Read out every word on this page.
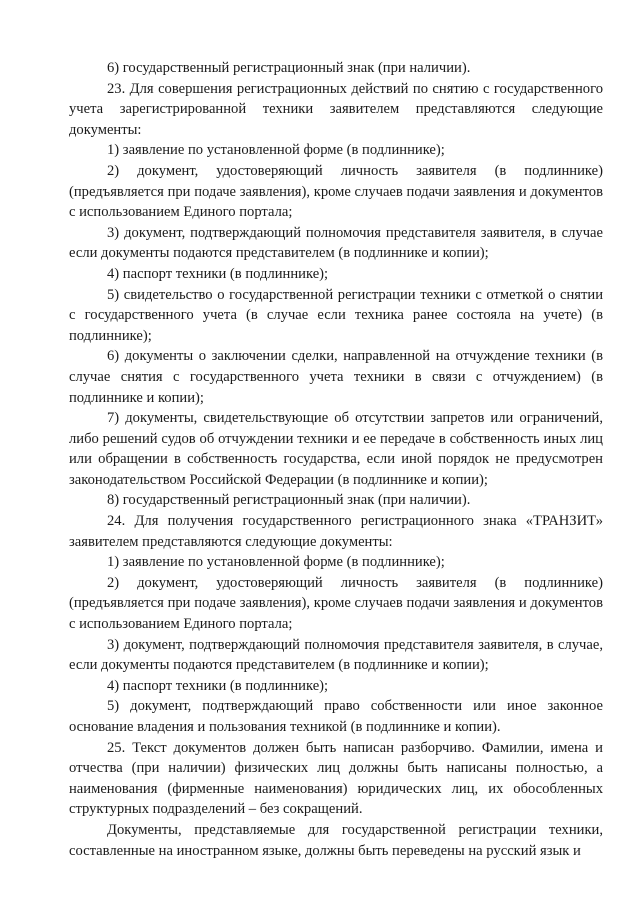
6) государственный регистрационный знак (при наличии).

23. Для совершения регистрационных действий по снятию с государственного учета зарегистрированной техники заявителем представляются следующие документы:

1) заявление по установленной форме (в подлиннике);

2) документ, удостоверяющий личность заявителя (в подлиннике) (предъявляется при подаче заявления), кроме случаев подачи заявления и документов с использованием Единого портала;

3) документ, подтверждающий полномочия представителя заявителя, в случае если документы подаются представителем (в подлиннике и копии);

4) паспорт техники (в подлиннике);

5) свидетельство о государственной регистрации техники с отметкой о снятии с государственного учета (в случае если техника ранее состояла на учете) (в подлиннике);

6) документы о заключении сделки, направленной на отчуждение техники (в случае снятия с государственного учета техники в связи с отчуждением) (в подлиннике и копии);

7) документы, свидетельствующие об отсутствии запретов или ограничений, либо решений судов об отчуждении техники и ее передаче в собственность иных лиц или обращении в собственность государства, если иной порядок не предусмотрен законодательством Российской Федерации (в подлиннике и копии);

8) государственный регистрационный знак (при наличии).

24. Для получения государственного регистрационного знака «ТРАНЗИТ» заявителем представляются следующие документы:

1) заявление по установленной форме (в подлиннике);

2) документ, удостоверяющий личность заявителя (в подлиннике) (предъявляется при подаче заявления), кроме случаев подачи заявления и документов с использованием Единого портала;

3) документ, подтверждающий полномочия представителя заявителя, в случае, если документы подаются представителем (в подлиннике и копии);

4) паспорт техники (в подлиннике);

5) документ, подтверждающий право собственности или иное законное основание владения и пользования техникой (в подлиннике и копии).

25. Текст документов должен быть написан разборчиво. Фамилии, имена и отчества (при наличии) физических лиц должны быть написаны полностью, а наименования (фирменные наименования) юридических лиц, их обособленных структурных подразделений – без сокращений.

Документы, представляемые для государственной регистрации техники, составленные на иностранном языке, должны быть переведены на русский язык и
